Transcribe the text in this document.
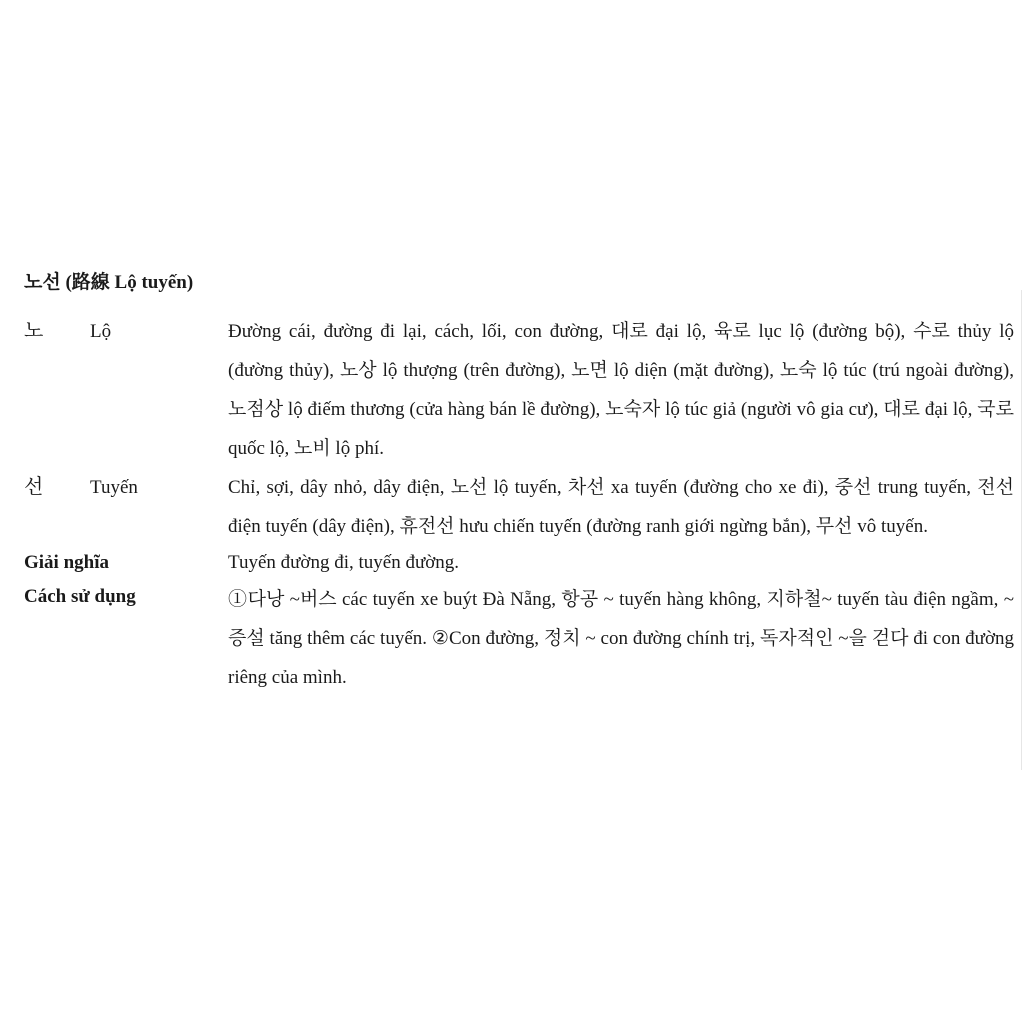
노선 (路線 Lộ tuyến)
노	Lộ	Đường cái, đường đi lại, cách, lối, con đường, 대로 đại lộ, 육로 lục lộ (đường bộ), 수로 thủy lộ (đường thủy), 노상 lộ thượng (trên đường), 노면 lộ diện (mặt đường), 노숙 lộ túc (trú ngoài đường), 노점상 lộ điếm thương (cửa hàng bán lề đường), 노숙자 lộ túc giả (người vô gia cư), 대로 đại lộ, 국로 quốc lộ, 노비 lộ phí.
선	Tuyến	Chỉ, sợi, dây nhỏ, dây điện, 노선 lộ tuyến, 차선 xa tuyến (đường cho xe đi), 중선 trung tuyến, 전선 điện tuyến (dây điện), 휴전선 hưu chiến tuyến (đường ranh giới ngừng bắn), 무선 vô tuyến.
Giải nghĩa	Tuyến đường đi, tuyến đường.
Cách sử dụng	①다낭 ~버스 các tuyến xe buýt Đà Nẵng, 항공 ~ tuyến hàng không, 지하철~ tuyến tàu điện ngầm, ~ 증설 tăng thêm các tuyến. ②Con đường, 정치 ~ con đường chính trị, 독자적인 ~을 걷다 đi con đường riêng của mình.
